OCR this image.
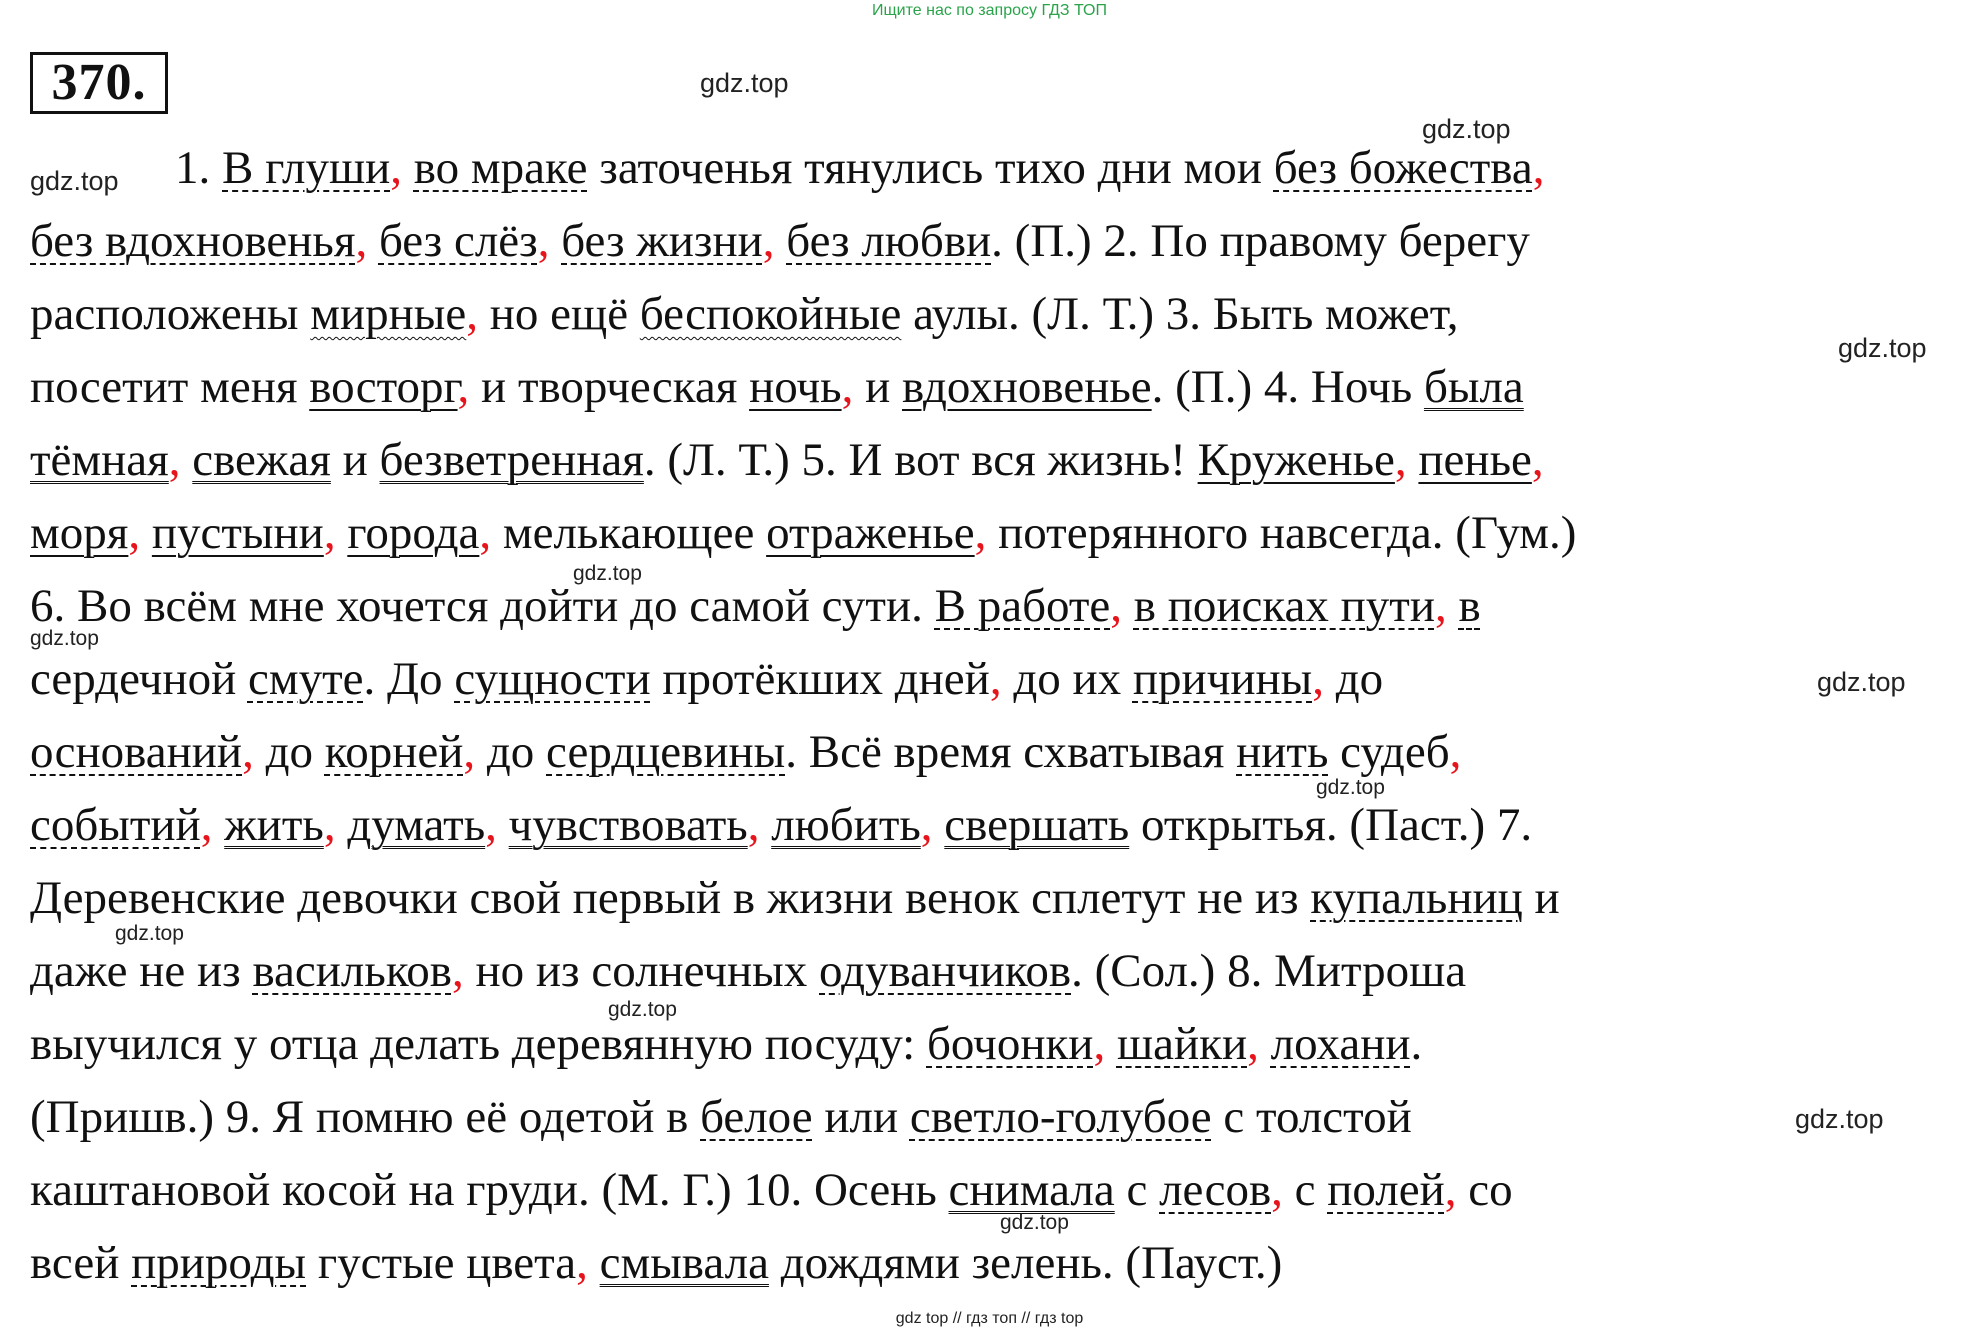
Ищите нас по запросу ГДЗ ТОП
370.
1. В глуши, во мраке заточенья тянулись тихо дни мои без божества,
без вдохновенья, без слёз, без жизни, без любви. (П.) 2. По правому берегу
расположены мирные, но ещё беспокойные аулы. (Л. Т.) 3. Быть может,
посетит меня восторг, и творческая ночь, и вдохновенье. (П.) 4. Ночь была
тёмная, свежая и безветренная. (Л. Т.) 5. И вот вся жизнь! Круженье, пенье,
моря, пустыни, города, мелькающее отраженье, потерянного навсегда. (Гум.)
6. Во всём мне хочется дойти до самой сути. В работе, в поисках пути, в
сердечной смуте. До сущности протёкших дней, до их причины, до
оснований, до корней, до сердцевины. Всё время схватывая нить судеб,
событий, жить, думать, чувствовать, любить, свершать открытья. (Паст.) 7.
Деревенские девочки свой первый в жизни венок сплетут не из купальниц и
даже не из васильков, но из солнечных одуванчиков. (Сол.) 8. Митроша
выучился у отца делать деревянную посуду: бочонки, шайки, лохани.
(Пришв.) 9. Я помню её одетой в белое или светло-голубое с толстой
каштановой косой на груди. (М. Г.) 10. Осень снимала с лесов, с полей, со
всей природы густые цвета, смывала дождями зелень. (Пауст.)
gdz.top
gdz.top
gdz.top
gdz.top
gdz.top
gdz.top
gdz.top
gdz.top
gdz.top
gdz.top
gdz.top
gdz.top
gdz top // гдз топ // гдз top
